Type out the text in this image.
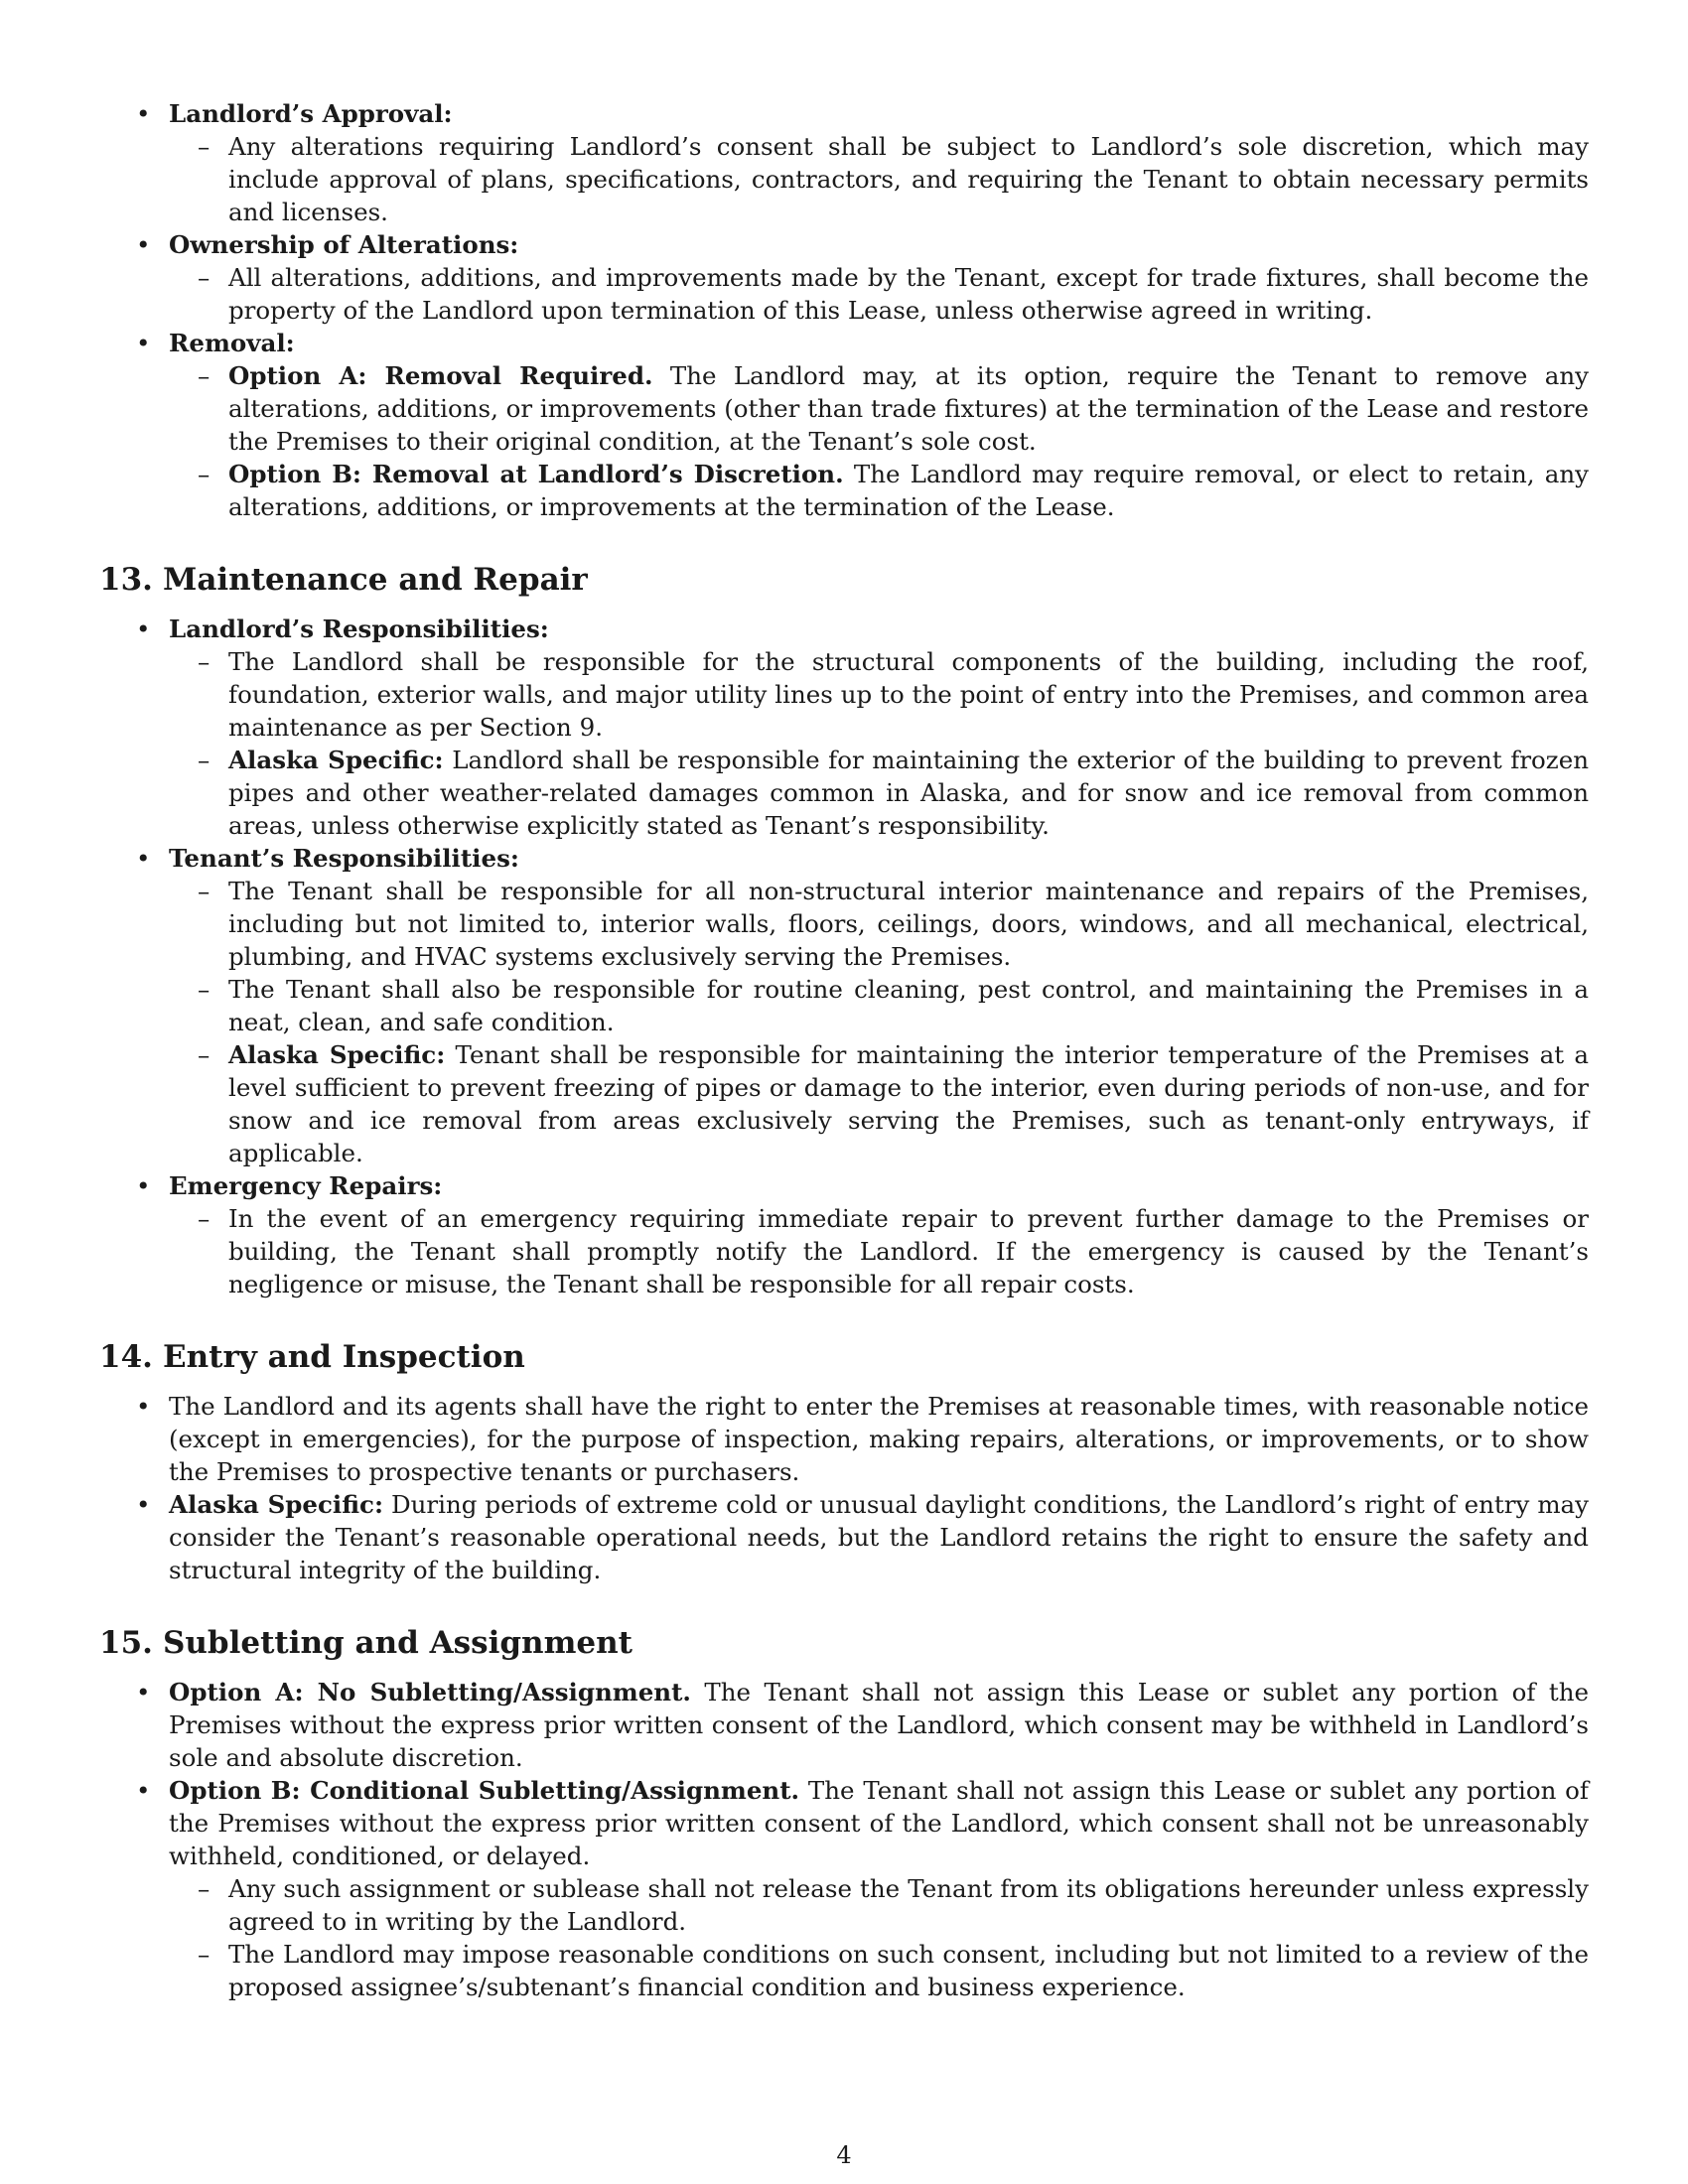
• Landlord’s Approval:
– Any alterations requiring Landlord’s consent shall be subject to Landlord’s sole discretion, which may include approval of plans, specifications, contractors, and requiring the Tenant to obtain necessary permits and licenses.
• Ownership of Alterations:
– All alterations, additions, and improvements made by the Tenant, except for trade fixtures, shall become the property of the Landlord upon termination of this Lease, unless otherwise agreed in writing.
• Removal:
– Option A: Removal Required. The Landlord may, at its option, require the Tenant to remove any alterations, additions, or improvements (other than trade fixtures) at the termination of the Lease and restore the Premises to their original condition, at the Tenant’s sole cost.
– Option B: Removal at Landlord’s Discretion. The Landlord may require removal, or elect to retain, any alterations, additions, or improvements at the termination of the Lease.
13. Maintenance and Repair
• Landlord’s Responsibilities:
– The Landlord shall be responsible for the structural components of the building, including the roof, foundation, exterior walls, and major utility lines up to the point of entry into the Premises, and common area maintenance as per Section 9.
– Alaska Specific: Landlord shall be responsible for maintaining the exterior of the building to prevent frozen pipes and other weather-related damages common in Alaska, and for snow and ice removal from common areas, unless otherwise explicitly stated as Tenant’s responsibility.
• Tenant’s Responsibilities:
– The Tenant shall be responsible for all non-structural interior maintenance and repairs of the Premises, including but not limited to, interior walls, floors, ceilings, doors, windows, and all mechanical, electrical, plumbing, and HVAC systems exclusively serving the Premises.
– The Tenant shall also be responsible for routine cleaning, pest control, and maintaining the Premises in a neat, clean, and safe condition.
– Alaska Specific: Tenant shall be responsible for maintaining the interior temperature of the Premises at a level sufficient to prevent freezing of pipes or damage to the interior, even during periods of non-use, and for snow and ice removal from areas exclusively serving the Premises, such as tenant-only entryways, if applicable.
• Emergency Repairs:
– In the event of an emergency requiring immediate repair to prevent further damage to the Premises or building, the Tenant shall promptly notify the Landlord. If the emergency is caused by the Tenant’s negligence or misuse, the Tenant shall be responsible for all repair costs.
14. Entry and Inspection
• The Landlord and its agents shall have the right to enter the Premises at reasonable times, with reasonable notice (except in emergencies), for the purpose of inspection, making repairs, alterations, or improvements, or to show the Premises to prospective tenants or purchasers.
• Alaska Specific: During periods of extreme cold or unusual daylight conditions, the Landlord’s right of entry may consider the Tenant’s reasonable operational needs, but the Landlord retains the right to ensure the safety and structural integrity of the building.
15. Subletting and Assignment
• Option A: No Subletting/Assignment. The Tenant shall not assign this Lease or sublet any portion of the Premises without the express prior written consent of the Landlord, which consent may be withheld in Landlord’s sole and absolute discretion.
• Option B: Conditional Subletting/Assignment. The Tenant shall not assign this Lease or sublet any portion of the Premises without the express prior written consent of the Landlord, which consent shall not be unreasonably withheld, conditioned, or delayed.
– Any such assignment or sublease shall not release the Tenant from its obligations hereunder unless expressly agreed to in writing by the Landlord.
– The Landlord may impose reasonable conditions on such consent, including but not limited to a review of the proposed assignee’s/subtenant’s financial condition and business experience.
4
